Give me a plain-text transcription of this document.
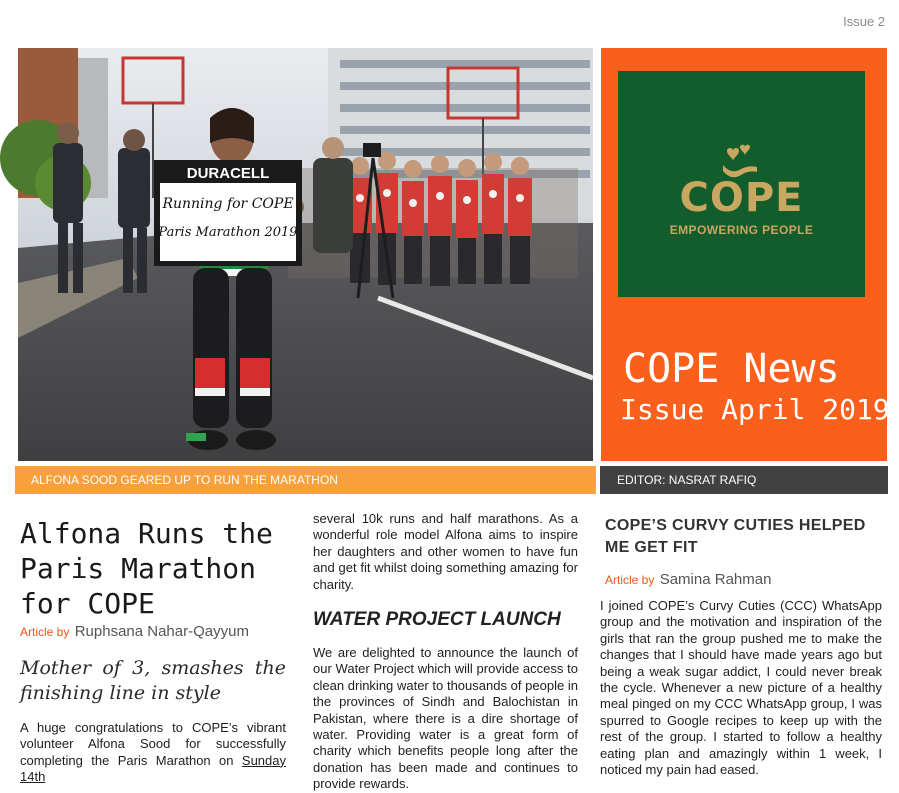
Issue 2
DURACELL
Running for COPE
Paris Marathon 2019
COPE
EMPOWERING PEOPLE
COPE News
Issue April 2019
ALFONA SOOD GEARED UP TO RUN THE MARATHON	EDITOR: NASRAT RAFIQ
Alfona Runs the Paris Marathon for COPE
Article by Ruphsana Nahar-Qayyum
Mother of 3, smashes the finishing line in style
A huge congratulations to COPE’s vibrant volunteer Alfona Sood for successfully completing the Paris Marathon on Sunday 14th
several 10k runs and half marathons. As a wonderful role model Alfona aims to inspire her daughters and other women to have fun and get fit whilst doing something amazing for charity.
WATER PROJECT LAUNCH
We are delighted to announce the launch of our Water Project which will provide access to clean drinking water to thousands of people in the provinces of Sindh and Balochistan in Pakistan, where there is a dire shortage of water. Providing water is a great form of charity which benefits people long after the donation has been made and continues to provide rewards.
COPE’S CURVY CUTIES HELPED ME GET FIT
Article by Samina Rahman
I joined COPE’s Curvy Cuties (CCC) WhatsApp group and the motivation and inspiration of the girls that ran the group pushed me to make the changes that I should have made years ago but being a weak sugar addict, I could never break the cycle. Whenever a new picture of a healthy meal pinged on my CCC WhatsApp group, I was spurred to Google recipes to keep up with the rest of the group. I started to follow a healthy eating plan and amazingly within 1 week, I noticed my pain had eased.
